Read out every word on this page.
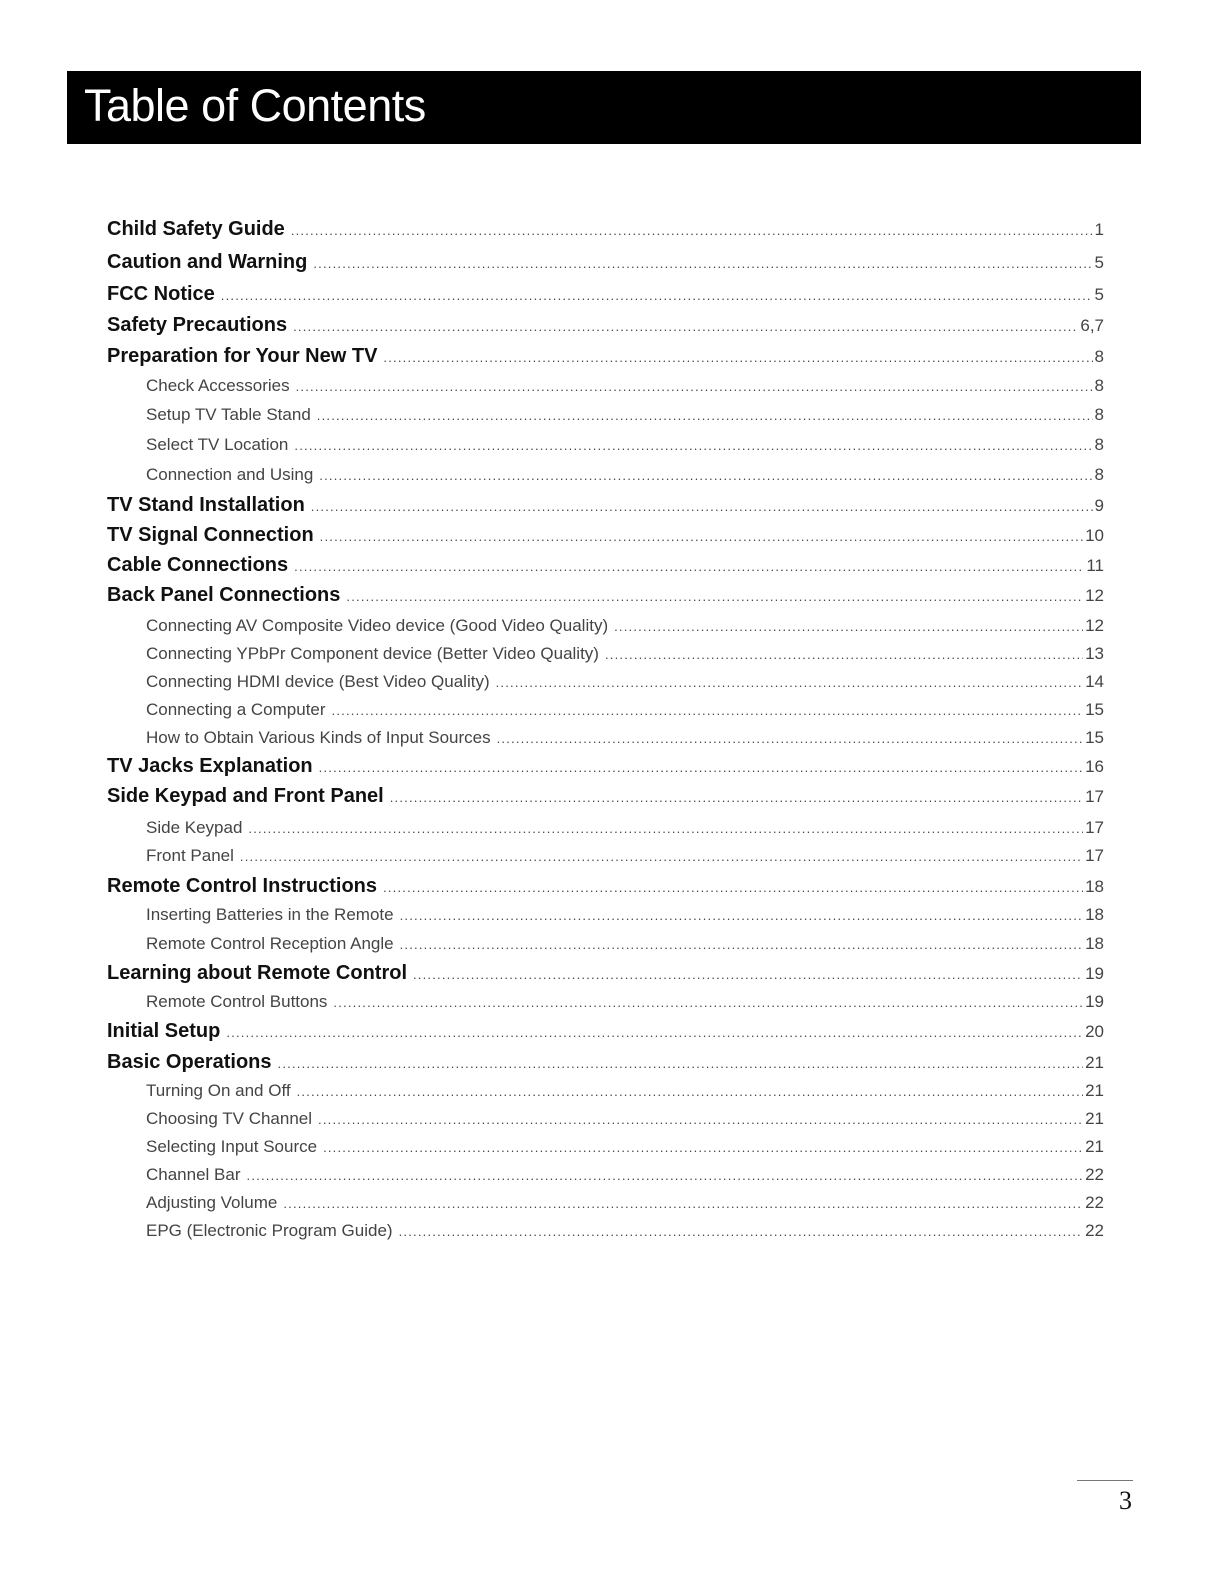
Table of Contents
Child Safety Guide .....	1
Caution and Warning .....	5
FCC Notice .....	5
Safety Precautions .....	6,7
Preparation for Your New TV .....	8
Check Accessories .....	8
Setup TV Table Stand .....	8
Select TV Location .....	8
Connection and Using .....	8
TV Stand Installation .....	9
TV Signal Connection .....	10
Cable Connections .....	11
Back Panel Connections .....	12
Connecting AV Composite Video device (Good Video Quality) .....	12
Connecting YPbPr Component device (Better Video Quality) .....	13
Connecting HDMI device (Best Video Quality) .....	14
Connecting a Computer .....	15
How to Obtain Various Kinds of Input Sources .....	15
TV Jacks Explanation .....	16
Side Keypad and Front Panel .....	17
Side Keypad .....	17
Front Panel .....	17
Remote Control Instructions .....	18
Inserting Batteries in the Remote .....	18
Remote Control Reception Angle .....	18
Learning about Remote Control .....	19
Remote Control Buttons .....	19
Initial Setup .....	20
Basic Operations .....	21
Turning On and Off .....	21
Choosing TV Channel .....	21
Selecting Input Source .....	21
Channel Bar .....	22
Adjusting Volume .....	22
EPG (Electronic Program Guide) .....	22
3
